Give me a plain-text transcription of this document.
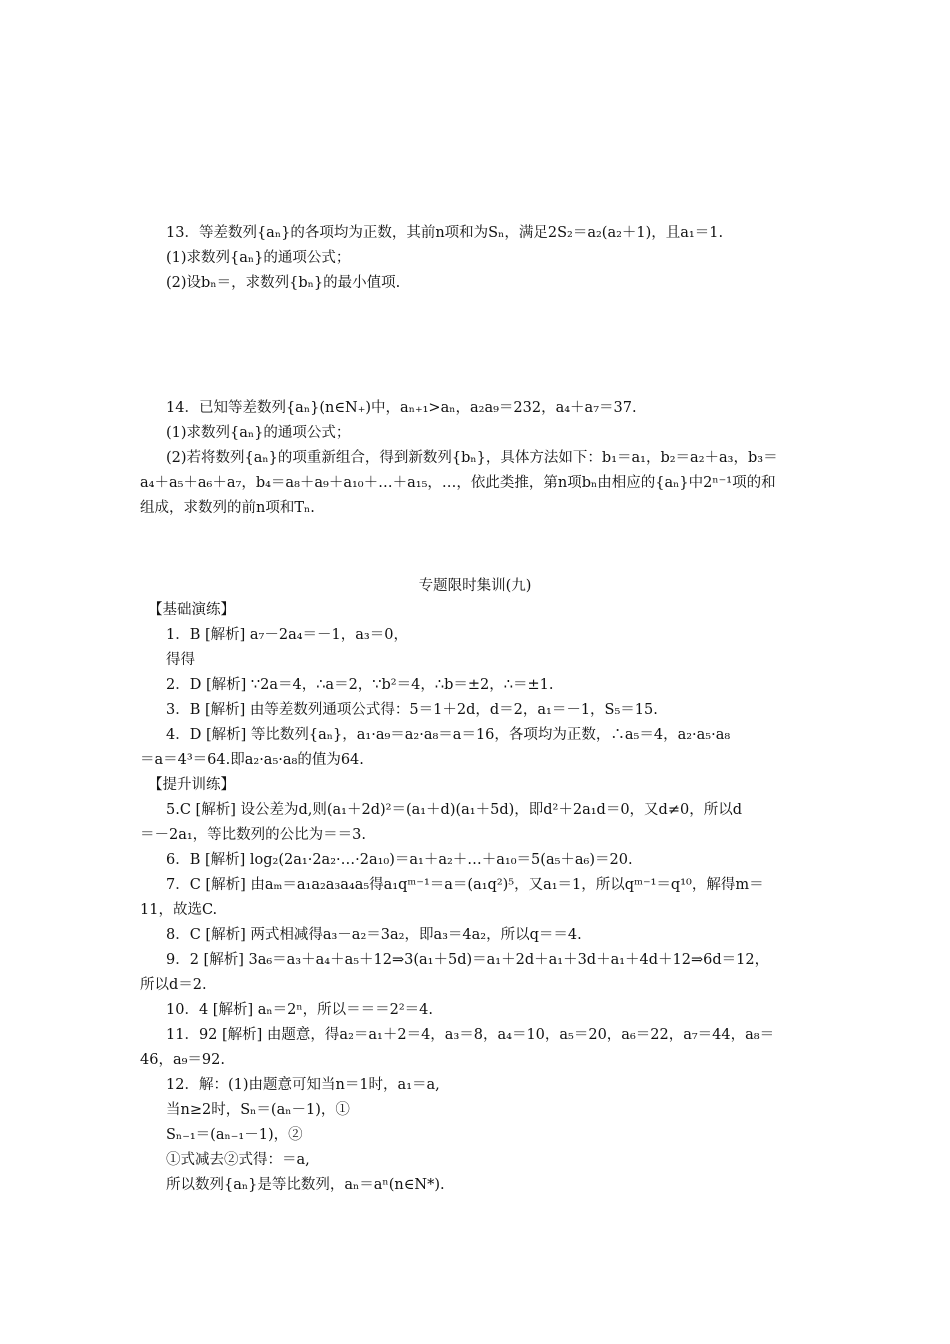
13．等差数列{aₙ}的各项均为正数，其前n项和为Sₙ，满足2S₂＝a₂(a₂＋1)，且a₁＝1.
(1)求数列{aₙ}的通项公式；
(2)设bₙ＝，求数列{bₙ}的最小值项.
14．已知等差数列{aₙ}(n∈N₊)中，aₙ₊₁>aₙ，a₂a₉＝232，a₄＋a₇＝37.
(1)求数列{aₙ}的通项公式；
(2)若将数列{aₙ}的项重新组合，得到新数列{bₙ}，具体方法如下：b₁＝a₁，b₂＝a₂＋a₃，b₃＝
a₄＋a₅＋a₆＋a₇，b₄＝a₈＋a₉＋a₁₀＋…＋a₁₅，…，依此类推，第n项bₙ由相应的{aₙ}中2ⁿ⁻¹项的和
组成，求数列的前n项和Tₙ.
专题限时集训(九)
【基础演练】
1．B [解析] a₇－2a₄＝－1，a₃＝0，
得得
2．D [解析] ∵2a＝4，∴a＝2，∵b²＝4，∴b＝±2，∴＝±1.
3．B [解析] 由等差数列通项公式得：5＝1＋2d，d＝2，a₁＝－1，S₅＝15.
4．D [解析] 等比数列{aₙ}，a₁·a₉＝a₂·a₈＝a＝16，各项均为正数，∴a₅＝4，a₂·a₅·a₈
＝a＝4³＝64.即a₂·a₅·a₈的值为64.
【提升训练】
5.C [解析] 设公差为d,则(a₁＋2d)²＝(a₁＋d)(a₁＋5d)，即d²＋2a₁d＝0，又d≠0，所以d
＝－2a₁，等比数列的公比为＝＝3.
6．B [解析] log₂(2a₁·2a₂·…·2a₁₀)＝a₁＋a₂＋…＋a₁₀＝5(a₅＋a₆)＝20.
7．C [解析] 由aₘ＝a₁a₂a₃a₄a₅得a₁qᵐ⁻¹＝a＝(a₁q²)⁵，又a₁＝1，所以qᵐ⁻¹＝q¹⁰，解得m＝
11，故选C.
8．C [解析] 两式相减得a₃－a₂＝3a₂，即a₃＝4a₂，所以q＝＝4.
9．2 [解析] 3a₆＝a₃＋a₄＋a₅＋12⇒3(a₁＋5d)＝a₁＋2d＋a₁＋3d＋a₁＋4d＋12⇒6d＝12，
所以d＝2.
10．4 [解析] aₙ＝2ⁿ，所以＝＝＝2²＝4.
11．92 [解析] 由题意，得a₂＝a₁＋2＝4，a₃＝8，a₄＝10，a₅＝20，a₆＝22，a₇＝44，a₈＝
46，a₉＝92.
12．解：(1)由题意可知当n＝1时，a₁＝a,
当n≥2时，Sₙ＝(aₙ－1)，①
Sₙ₋₁＝(aₙ₋₁－1)，②
①式减去②式得：＝a,
所以数列{aₙ}是等比数列，aₙ＝aⁿ(n∈N*).
